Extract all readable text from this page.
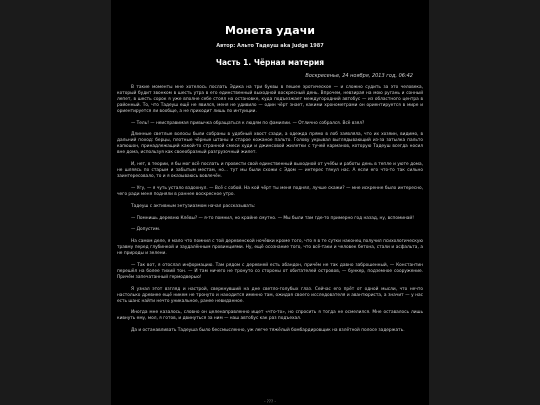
Монета удачи
Автор: Альто Тадеуш aka Judge 1987
Часть 1. Чёрная материя
Воскресенье, 24 ноября, 2013 год, 06:42

В такие моменты мне хотелось послать Эдика на три буквы в пешее эротическое — и сложно судить за это человека, который будит звонком в шесть утра в его единственный выходной воскресный день. Впрочем, невзирая на мою ругань и сонный лепет, в шесть сорок я уже вполне себе стоял на остановке, куда подъезжает междугородний автобус — из областного центра в районный. То, что Тадеуш ещё не явился, меня не удивило — один чёрт знает, какими хронометрами он ориентируется в мире и ориентируется ли вообще, а не приходит лишь по интуиции.

— Тель! — неисправимая привычка обращаться к людям по фамилии. — Отлично собрался. Всё взял?

Длинные светлые волосы были собраны в удобный хвост сзади, а одежда прямо в лоб заявляла, что их хозяин, видимо, в дальний поход: берцы, плотные чёрные штаны и старое кожаное пальто. Голову укрывал выглядывающий из-за затылка пальто капюшон, принадлежащий какой-то странной смеси худи и джинсовой жилетки с тучей карманов, которую Тадеуш всегда носил вне дома, используя как своеобразный разгрузочный жилет.

И, нет, в теории, я бы мог всё послать и провести свой единственный выходной от учёбы и работы день в тепле и уюте дома, не шляясь по старым и забытым местам, но... тут мы были схожи с Эдом — интерес тянул нас. А если его что-то так сильно заинтересовало, то и я оказываюсь вовлечён.

— Угу, — я чуть устало вздохнул. — Всё с собой. На кой чёрт ты меня поднял, лучше скажи? — мне искренне было интересно, чего ради меня подняли в раннее воскресное утро.

Тадеуш с активным энтузиазмом начал рассказывать:

— Помнишь деревню Клёвы? — я-то помнил, но крайне смутно. — Мы были там где-то примерно год назад, ну, вспоминай!

— Допустим.

На самом деле, я мало что помнил с той деревенской ночёвки кроме того, что я в те сутки наконец получил психологическую травму перед глубинкой и заудалённым провинциями. Ну, ещё осознание того, что всё-таки и человек бетона, стали и асфальта, а не природы и зелени.

— Так вот, я отослал информацию. Там рядом с деревней есть абандон, причём не так давно заброшенный, — Константин перешёл на более тихий тон. — И там ничего не тронуто со стороны от обитателей островов, — бункер, подземное сооружение. Причём запечатанный гермодверью!

Я узнал этот взгляд и настрой, сверкнувший на дне светло-голубых глаз. Сейчас его прёт от одной мысли, что нечто настолько древнее ещё никем не тронуто и находится именно там, ожидая своего исследователя и авантюриста, а значит — у нас есть шанс найти нечто уникальное, ранее невиданное.

Иногда мне казалось, словно он целенаправленно ищет «что-то», но спросить я тогда не осмелился. Мне оставалось лишь кивнуть ему, мол, я готов, и двинуться за ним — наш автобус как раз подъехал.

Да и останавливать Тадеуша было бессмысленно, уж легче тяжёлый бомбардировщик на взлётной полосе задержать.

- ??? -
